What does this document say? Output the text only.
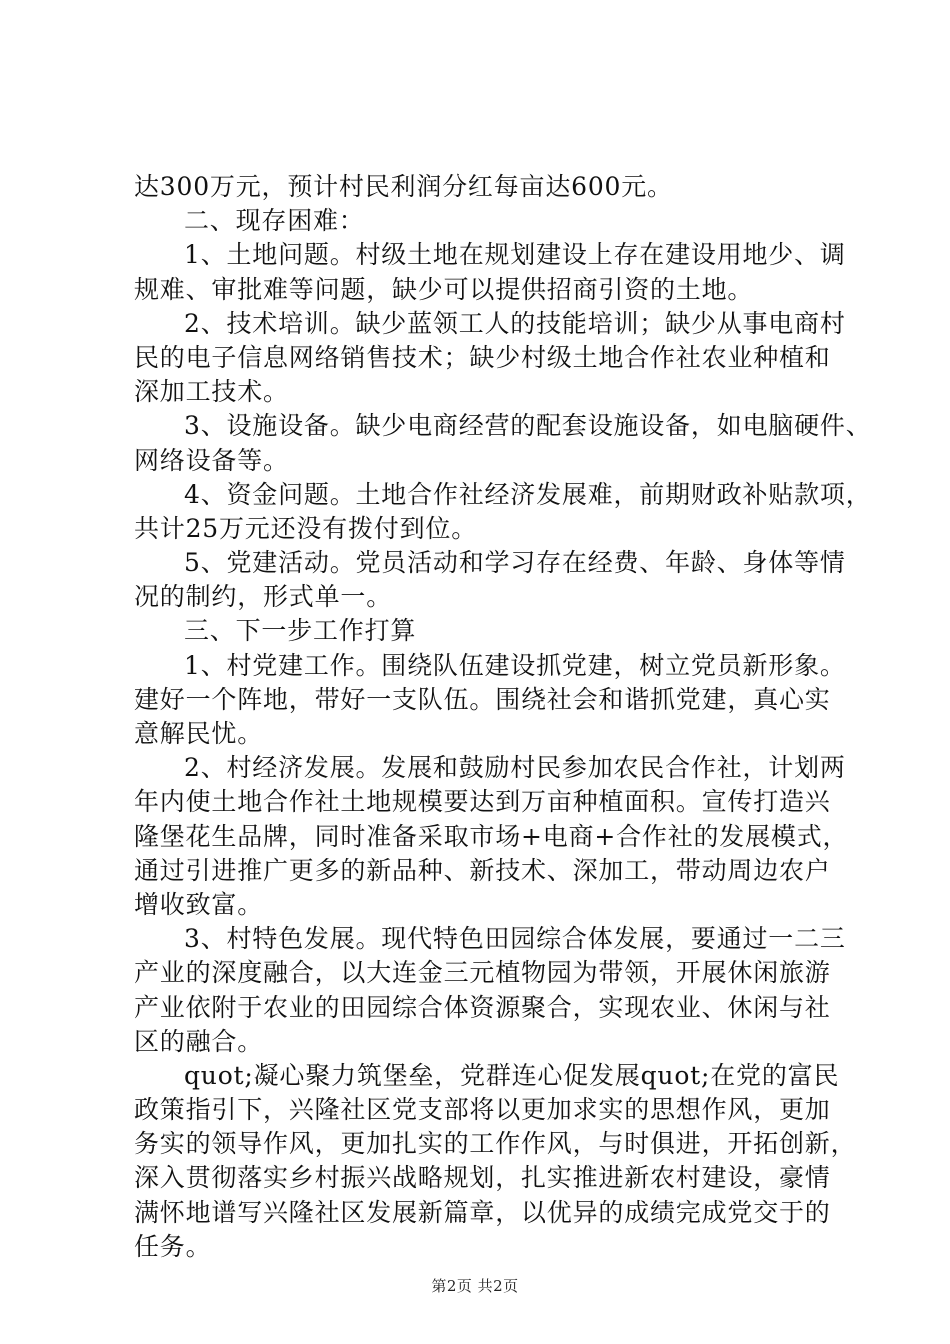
达300万元，预计村民利润分红每亩达600元。
二、现存困难：
1、土地问题。村级土地在规划建设上存在建设用地少、调
规难、审批难等问题，缺少可以提供招商引资的土地。
2、技术培训。缺少蓝领工人的技能培训；缺少从事电商村
民的电子信息网络销售技术；缺少村级土地合作社农业种植和
深加工技术。
3、设施设备。缺少电商经营的配套设施设备，如电脑硬件、
网络设备等。
4、资金问题。土地合作社经济发展难，前期财政补贴款项，
共计25万元还没有拨付到位。
5、党建活动。党员活动和学习存在经费、年龄、身体等情
况的制约，形式单一。
三、下一步工作打算
1、村党建工作。围绕队伍建设抓党建，树立党员新形象。
建好一个阵地，带好一支队伍。围绕社会和谐抓党建，真心实
意解民忧。
2、村经济发展。发展和鼓励村民参加农民合作社，计划两
年内使土地合作社土地规模要达到万亩种植面积。宣传打造兴
隆堡花生品牌，同时准备采取市场+电商+合作社的发展模式，
通过引进推广更多的新品种、新技术、深加工，带动周边农户
增收致富。
3、村特色发展。现代特色田园综合体发展，要通过一二三
产业的深度融合，以大连金三元植物园为带领，开展休闲旅游
产业依附于农业的田园综合体资源聚合，实现农业、休闲与社
区的融合。
quot;凝心聚力筑堡垒，党群连心促发展quot;在党的富民
政策指引下，兴隆社区党支部将以更加求实的思想作风，更加
务实的领导作风，更加扎实的工作作风，与时俱进，开拓创新，
深入贯彻落实乡村振兴战略规划，扎实推进新农村建设，豪情
满怀地谱写兴隆社区发展新篇章，以优异的成绩完成党交于的
任务。
第2页 共2页
